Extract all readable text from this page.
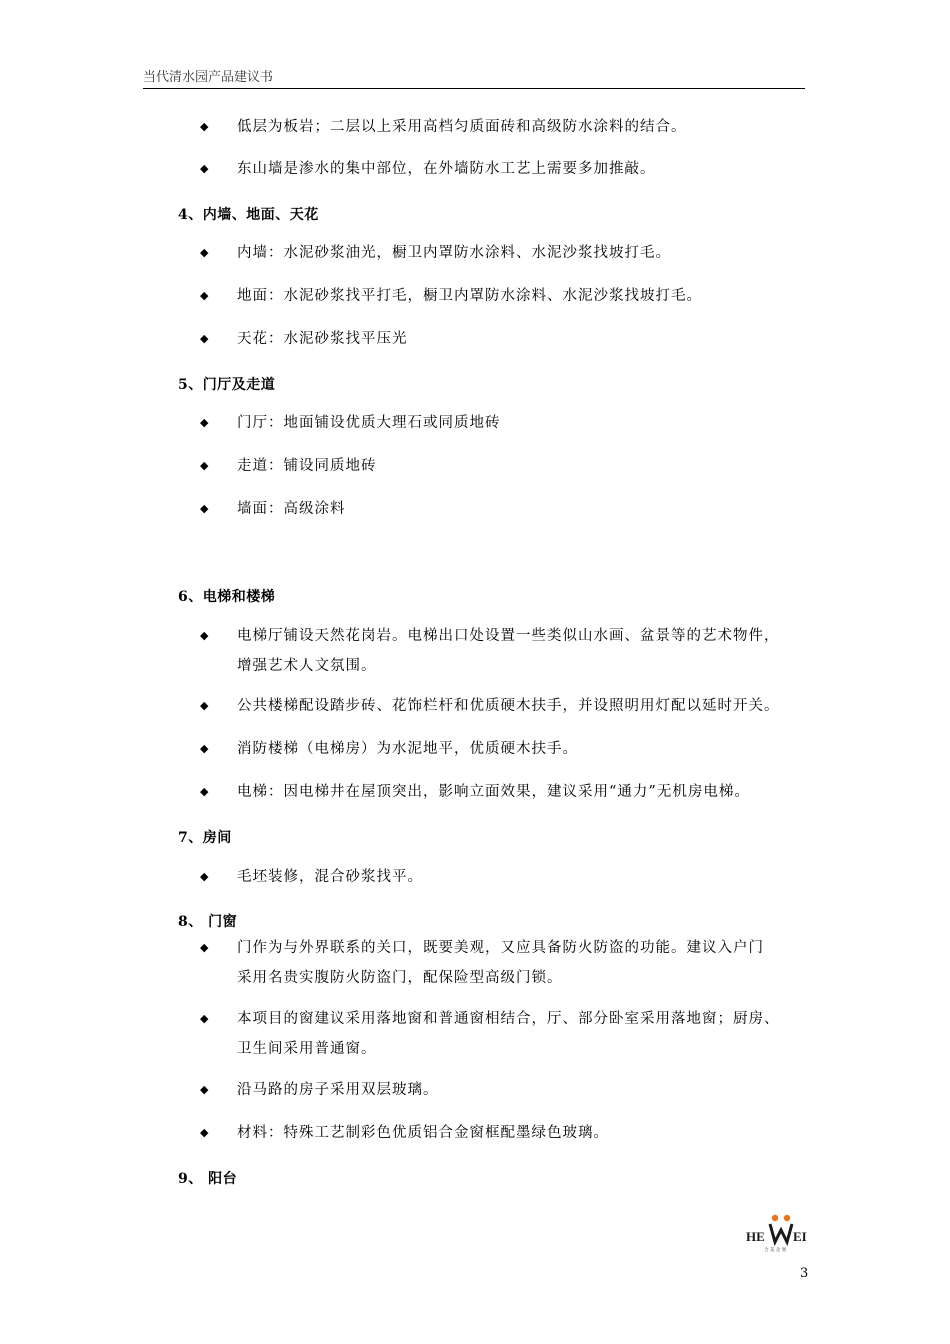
当代清水园产品建议书
◆ 低层为板岩；二层以上采用高档匀质面砖和高级防水涂料的结合。
◆ 东山墙是渗水的集中部位，在外墙防水工艺上需要多加推敲。
4、内墙、地面、天花
◆ 内墙：水泥砂浆油光，橱卫内罩防水涂料、水泥沙浆找坡打毛。
◆ 地面：水泥砂浆找平打毛，橱卫内罩防水涂料、水泥沙浆找坡打毛。
◆ 天花：水泥砂浆找平压光
5、门厅及走道
◆ 门厅：地面铺设优质大理石或同质地砖
◆ 走道：铺设同质地砖
◆ 墙面：高级涂料
6、电梯和楼梯
◆ 电梯厅铺设天然花岗岩。电梯出口处设置一些类似山水画、盆景等的艺术物件，
增强艺术人文氛围。
◆ 公共楼梯配设踏步砖、花饰栏杆和优质硬木扶手，并设照明用灯配以延时开关。
◆ 消防楼梯（电梯房）为水泥地平，优质硬木扶手。
◆ 电梯：因电梯井在屋顶突出，影响立面效果，建议采用“通力”无机房电梯。
7、房间
◆ 毛坯装修，混合砂浆找平。
8、 门窗
◆ 门作为与外界联系的关口，既要美观，又应具备防火防盗的功能。建议入户门
采用名贵实腹防火防盗门，配保险型高级门锁。
◆ 本项目的窗建议采用落地窗和普通窗相结合，厅、部分卧室采用落地窗；厨房、
卫生间采用普通窗。
◆ 沿马路的房子采用双层玻璃。
◆ 材料：特殊工艺制彩色优质铝合金窗框配墨绿色玻璃。
9、 阳台
HE EI
合 美 企 划
3
